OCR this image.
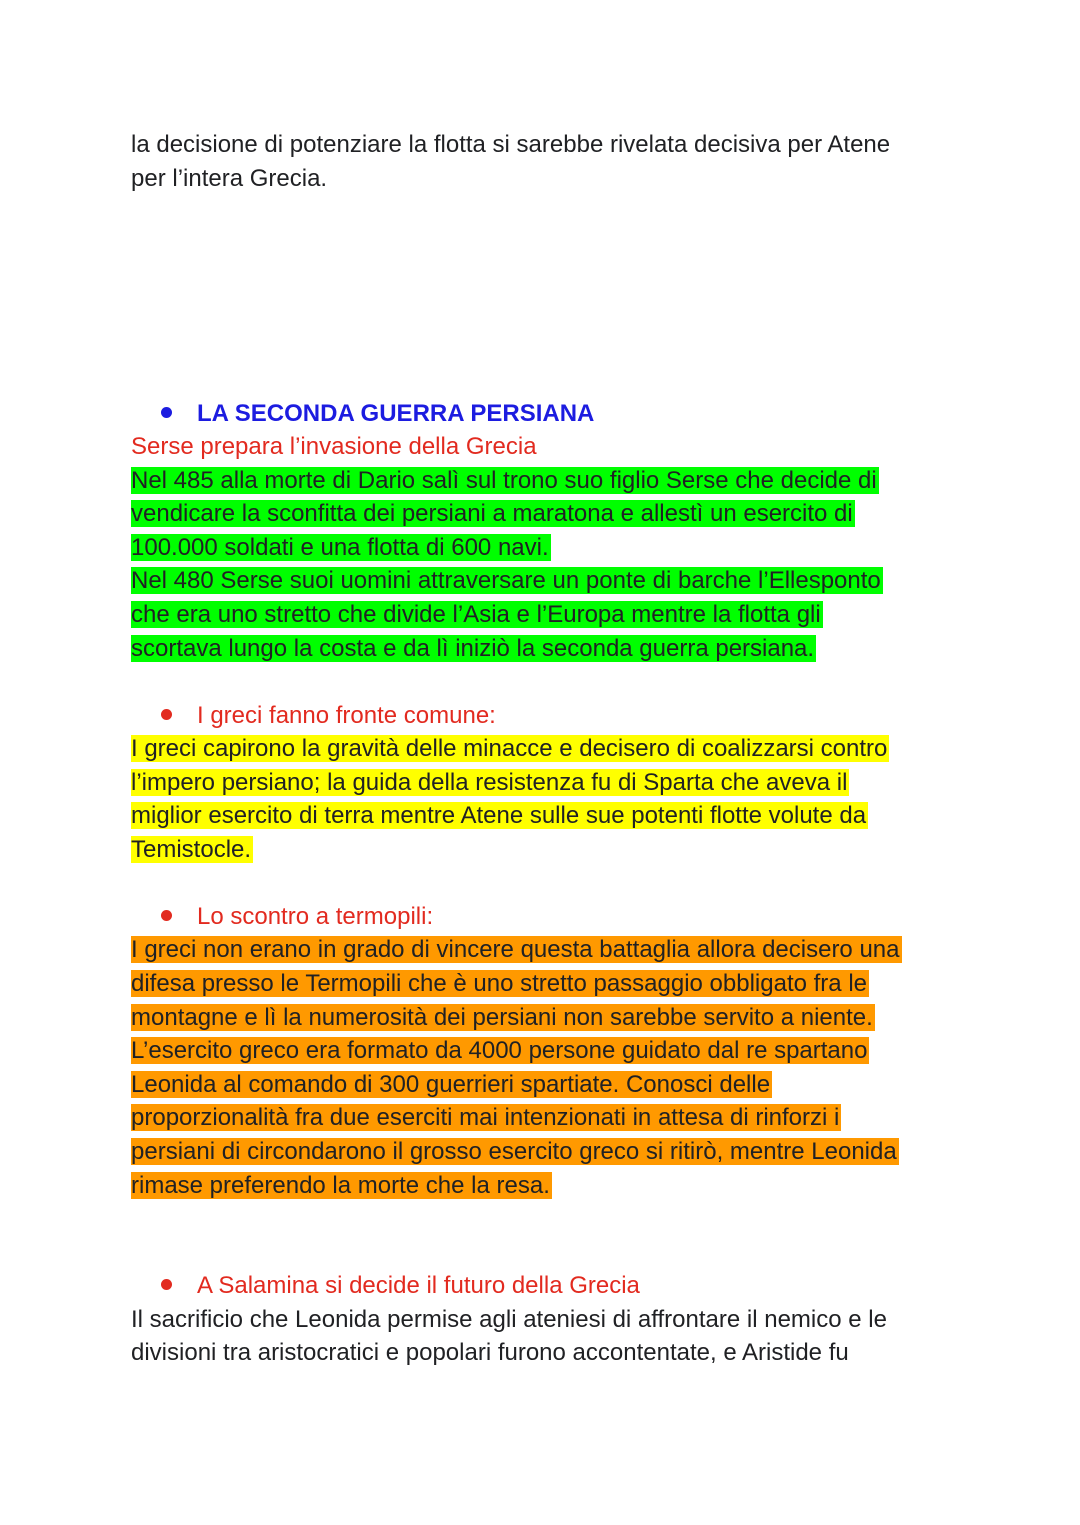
la decisione di potenziare la flotta si sarebbe rivelata decisiva per Atene
per l’intera Grecia.
LA SECONDA GUERRA PERSIANA
Serse prepara l’invasione della Grecia
Nel 485 alla morte di Dario salì sul trono suo figlio Serse che decide di
vendicare la sconfitta dei persiani a maratona e allestì un esercito di
100.000 soldati e una flotta di 600 navi.
Nel 480 Serse suoi uomini attraversare un ponte di barche l’Ellesponto
che era uno stretto che divide l’Asia e l’Europa mentre la flotta gli
scortava lungo la costa e da lì iniziò la seconda guerra persiana.
I greci fanno fronte comune:
I greci capirono la gravità delle minacce e decisero di coalizzarsi contro
l’impero persiano; la guida della resistenza fu di Sparta che aveva il
miglior esercito di terra mentre Atene sulle sue potenti flotte volute da
Temistocle.
Lo scontro a termopili:
I greci non erano in grado di vincere questa battaglia allora decisero una
difesa presso le Termopili che è uno stretto passaggio obbligato fra le
montagne e lì la numerosità dei persiani non sarebbe servito a niente.
L’esercito greco era formato da 4000 persone guidato dal re spartano
Leonida al comando di 300 guerrieri spartiate. Conosci delle
proporzionalità fra due eserciti mai intenzionati in attesa di rinforzi i
persiani di circondarono il grosso esercito greco si ritirò, mentre Leonida
rimase preferendo la morte che la resa.
A Salamina si decide il futuro della Grecia
Il sacrificio che Leonida permise agli ateniesi di affrontare il nemico e le
divisioni tra aristocratici e popolari furono accontentate, e Aristide fu
